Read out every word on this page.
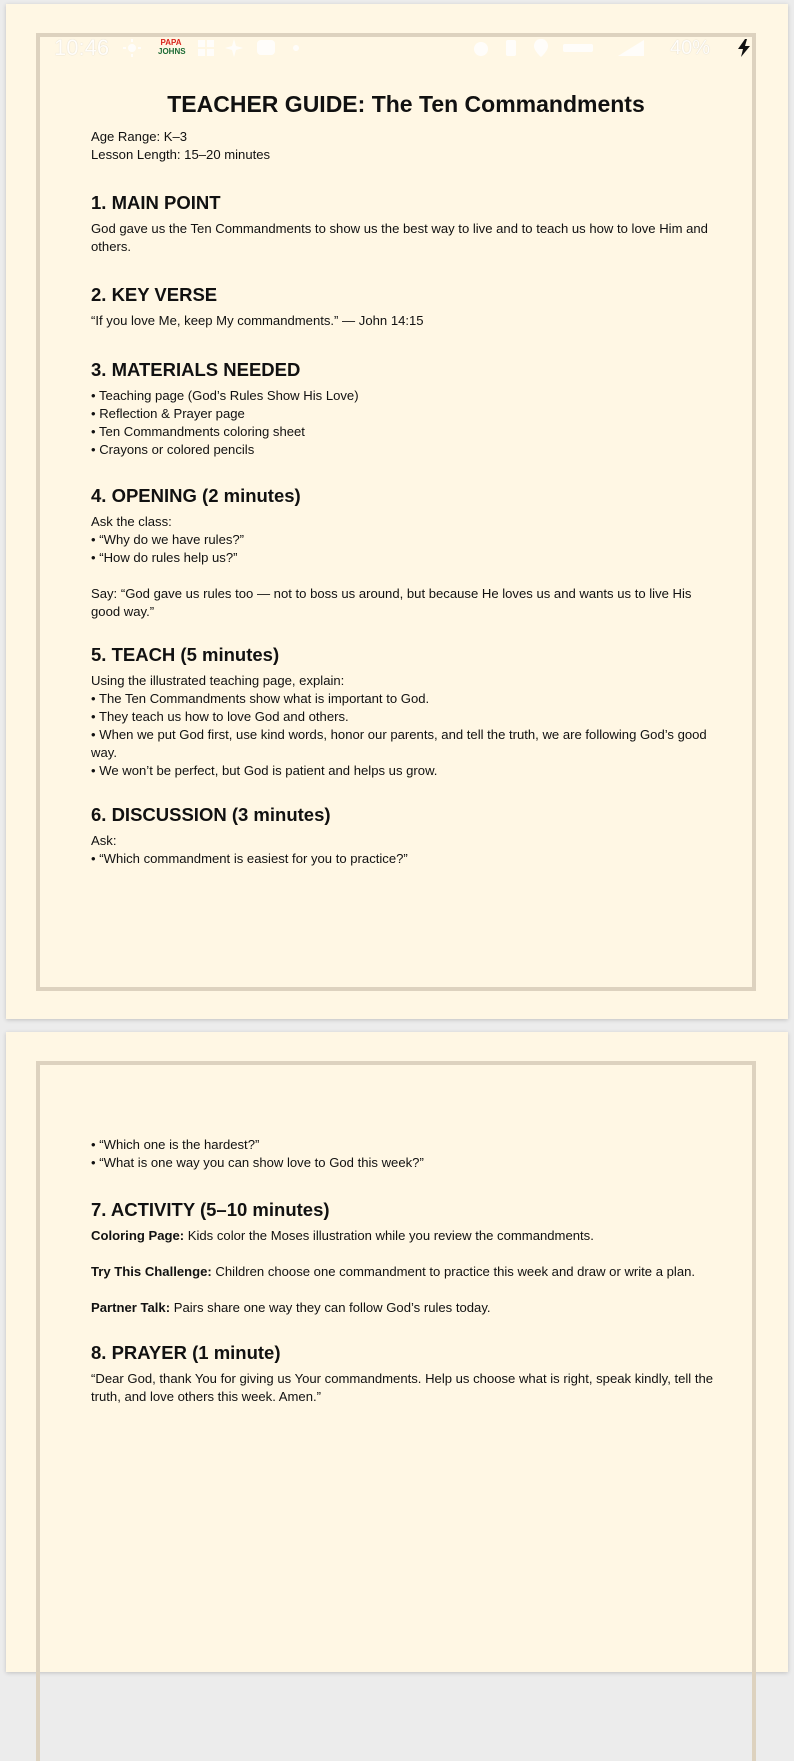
10:46	PAPA
JOHNS	40%
TEACHER GUIDE: The Ten Commandments
Age Range: K–3
Lesson Length: 15–20 minutes
1. MAIN POINT
God gave us the Ten Commandments to show us the best way to live and to teach us how to love Him and
others.
2. KEY VERSE
“If you love Me, keep My commandments.” — John 14:15
3. MATERIALS NEEDED
• Teaching page (God’s Rules Show His Love)
• Reflection & Prayer page
• Ten Commandments coloring sheet
• Crayons or colored pencils
4. OPENING (2 minutes)
Ask the class:
• “Why do we have rules?”
• “How do rules help us?”
Say: “God gave us rules too — not to boss us around, but because He loves us and wants us to live His
good way.”
5. TEACH (5 minutes)
Using the illustrated teaching page, explain:
• The Ten Commandments show what is important to God.
• They teach us how to love God and others.
• When we put God first, use kind words, honor our parents, and tell the truth, we are following God’s good
way.
• We won’t be perfect, but God is patient and helps us grow.
6. DISCUSSION (3 minutes)
Ask:
• “Which commandment is easiest for you to practice?”
• “Which one is the hardest?”
• “What is one way you can show love to God this week?”
7. ACTIVITY (5–10 minutes)
Coloring Page: Kids color the Moses illustration while you review the commandments.
Try This Challenge: Children choose one commandment to practice this week and draw or write a plan.
Partner Talk: Pairs share one way they can follow God’s rules today.
8. PRAYER (1 minute)
“Dear God, thank You for giving us Your commandments. Help us choose what is right, speak kindly, tell the
truth, and love others this week. Amen.”
